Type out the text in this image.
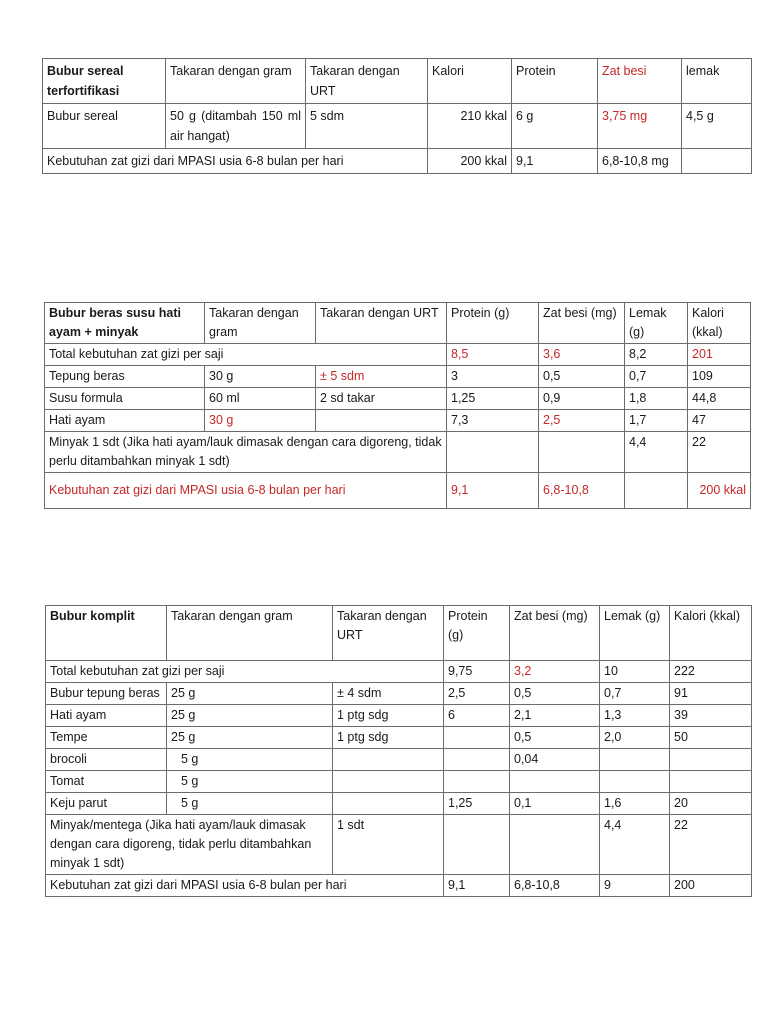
Bubur sereal terfortifikasi	Takaran dengan gram	Takaran dengan URT	Kalori	Protein	Zat besi	lemak
Bubur sereal	50 g (ditambah 150 ml air hangat)	5 sdm	210 kkal	6 g	3,75 mg	4,5 g
Kebutuhan zat gizi dari MPASI usia 6-8 bulan per hari			200 kkal	9,1	6,8-10,8 mg	
Bubur beras susu hati ayam + minyak	Takaran dengan gram	Takaran dengan URT	Protein (g)	Zat besi (mg)	Lemak (g)	Kalori (kkal)
Total kebutuhan zat gizi per saji			8,5	3,6	8,2	201
Tepung beras	30 g	± 5 sdm	3	0,5	0,7	109
Susu formula	60 ml	2 sd takar	1,25	0,9	1,8	44,8
Hati ayam	30 g		7,3	2,5	1,7	47
Minyak 1 sdt (Jika hati ayam/lauk dimasak dengan cara digoreng, tidak perlu ditambahkan minyak 1 sdt)					4,4	22
Kebutuhan zat gizi dari MPASI usia 6-8 bulan per hari			9,1	6,8-10,8		200 kkal
Bubur komplit	Takaran dengan gram	Takaran dengan URT	Protein (g)	Zat besi (mg)	Lemak (g)	Kalori (kkal)
Total kebutuhan zat gizi per saji			9,75	3,2	10	222
Bubur tepung beras	25 g	± 4 sdm	2,5	0,5	0,7	91
Hati ayam	25 g	1 ptg sdg	6	2,1	1,3	39
Tempe	25 g	1 ptg sdg		0,5	2,0	50
brocoli	5 g			0,04		
Tomat	5 g					
Keju parut	5 g		1,25	0,1	1,6	20
Minyak/mentega (Jika hati ayam/lauk dimasak dengan cara digoreng, tidak perlu ditambahkan minyak 1 sdt)		1 sdt			4,4	22
Kebutuhan zat gizi dari MPASI usia 6-8 bulan per hari			9,1	6,8-10,8	9	200
